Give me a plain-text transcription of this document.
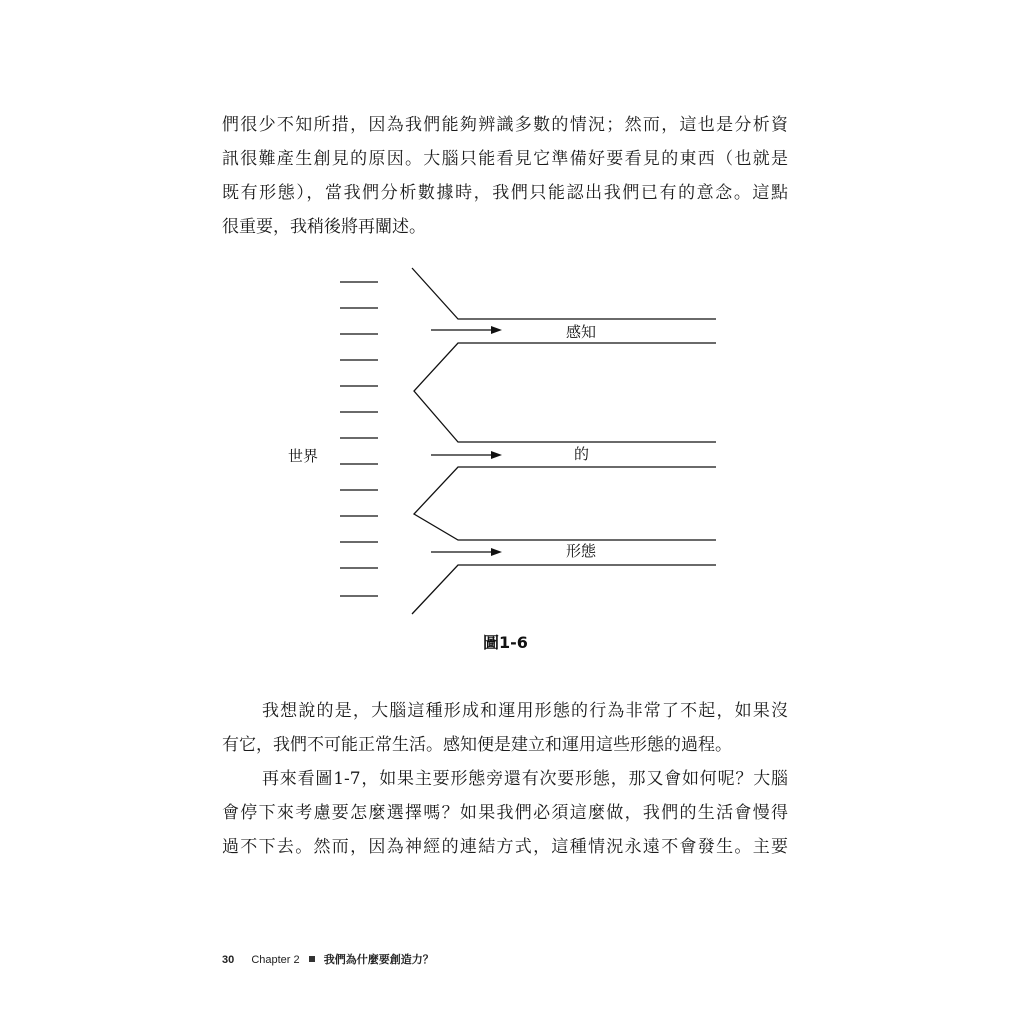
們很少不知所措，因為我們能夠辨識多數的情況；然而，這也是分析資
訊很難產生創見的原因。大腦只能看見它準備好要看見的東西（也就是
既有形態），當我們分析數據時，我們只能認出我們已有的意念。這點
很重要，我稍後將再闡述。
世界
感知
的
形態
圖1-6
我想說的是，大腦這種形成和運用形態的行為非常了不起，如果沒
有它，我們不可能正常生活。感知便是建立和運用這些形態的過程。
再來看圖1-7，如果主要形態旁還有次要形態，那又會如何呢？大腦
會停下來考慮要怎麼選擇嗎？如果我們必須這麼做，我們的生活會慢得
過不下去。然而，因為神經的連結方式，這種情況永遠不會發生。主要
30 Chapter 2 我們為什麼要創造力？
